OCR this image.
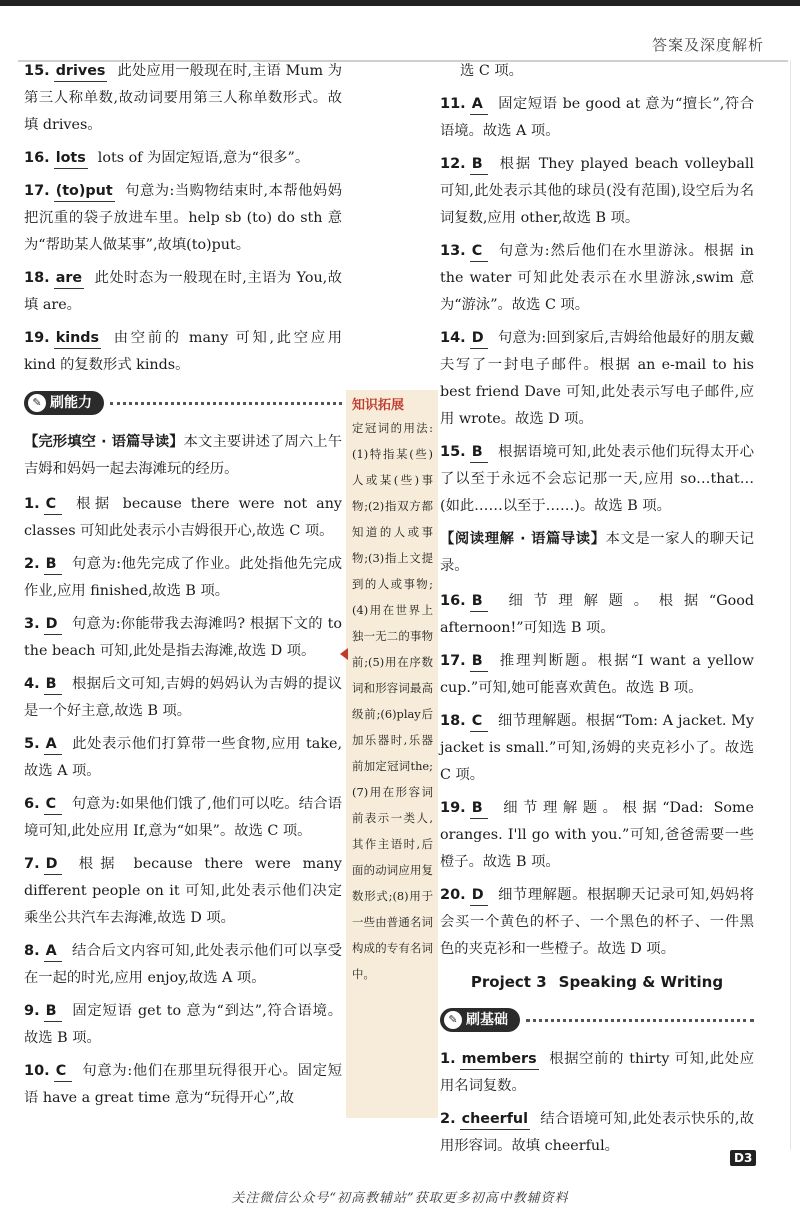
答案及深度解析
15. drives 此处应用一般现在时,主语 Mum 为第三人称单数,故动词要用第三人称单数形式。故填 drives。
16. lots lots of 为固定短语,意为“很多”。
17. (to)put 句意为:当购物结束时,本帮他妈妈把沉重的袋子放进车里。help sb (to) do sth 意为“帮助某人做某事”,故填(to)put。
18. are 此处时态为一般现在时,主语为 You,故填 are。
19. kinds 由空前的 many 可知,此空应用 kind 的复数形式 kinds。
✎ 刷能力
【完形填空 · 语篇导读】本文主要讲述了周六上午吉姆和妈妈一起去海滩玩的经历。
1. C 根据 because there were not any classes 可知此处表示小吉姆很开心,故选 C 项。
2. B 句意为:他先完成了作业。此处指他先完成作业,应用 finished,故选 B 项。
3. D 句意为:你能带我去海滩吗? 根据下文的 to the beach 可知,此处是指去海滩,故选 D 项。
4. B 根据后文可知,吉姆的妈妈认为吉姆的提议是一个好主意,故选 B 项。
5. A 此处表示他们打算带一些食物,应用 take,故选 A 项。
6. C 句意为:如果他们饿了,他们可以吃。结合语境可知,此处应用 If,意为“如果”。故选 C 项。
7. D 根据 because there were many different people on it 可知,此处表示他们决定乘坐公共汽车去海滩,故选 D 项。
8. A 结合后文内容可知,此处表示他们可以享受在一起的时光,应用 enjoy,故选 A 项。
9. B 固定短语 get to 意为“到达”,符合语境。故选 B 项。
10. C 句意为:他们在那里玩得很开心。固定短语 have a great time 意为“玩得开心”,故
知识拓展
定冠词的用法:(1)特指某(些)人或某(些)事物;(2)指双方都知道的人或事物;(3)指上文提到的人或事物;(4)用在世界上独一无二的事物前;(5)用在序数词和形容词最高级前;(6)play后加乐器时,乐器前加定冠词the;(7)用在形容词前表示一类人,其作主语时,后面的动词应用复数形式;(8)用于一些由普通名词构成的专有名词中。
选 C 项。
11. A 固定短语 be good at 意为“擅长”,符合语境。故选 A 项。
12. B 根据 They played beach volleyball 可知,此处表示其他的球员(没有范围),设空后为名词复数,应用 other,故选 B 项。
13. C 句意为:然后他们在水里游泳。根据 in the water 可知此处表示在水里游泳,swim 意为“游泳”。故选 C 项。
14. D 句意为:回到家后,吉姆给他最好的朋友戴夫写了一封电子邮件。根据 an e-mail to his best friend Dave 可知,此处表示写电子邮件,应用 wrote。故选 D 项。
15. B 根据语境可知,此处表示他们玩得太开心了以至于永远不会忘记那一天,应用 so…that…(如此……以至于……)。故选 B 项。
【阅读理解 · 语篇导读】本文是一家人的聊天记录。
16. B 细节理解题。根据“Good afternoon!”可知选 B 项。
17. B 推理判断题。根据“I want a yellow cup.”可知,她可能喜欢黄色。故选 B 项。
18. C 细节理解题。根据“Tom: A jacket. My jacket is small.”可知,汤姆的夹克衫小了。故选 C 项。
19. B 细节理解题。根据“Dad: Some oranges. I'll go with you.”可知,爸爸需要一些橙子。故选 B 项。
20. D 细节理解题。根据聊天记录可知,妈妈将会买一个黄色的杯子、一个黑色的杯子、一件黑色的夹克衫和一些橙子。故选 D 项。
Project 3 Speaking & Writing
✎ 刷基础
1. members 根据空前的 thirty 可知,此处应用名词复数。
2. cheerful 结合语境可知,此处表示快乐的,故用形容词。故填 cheerful。
D3
关注微信公众号“初高教辅站”获取更多初高中教辅资料
